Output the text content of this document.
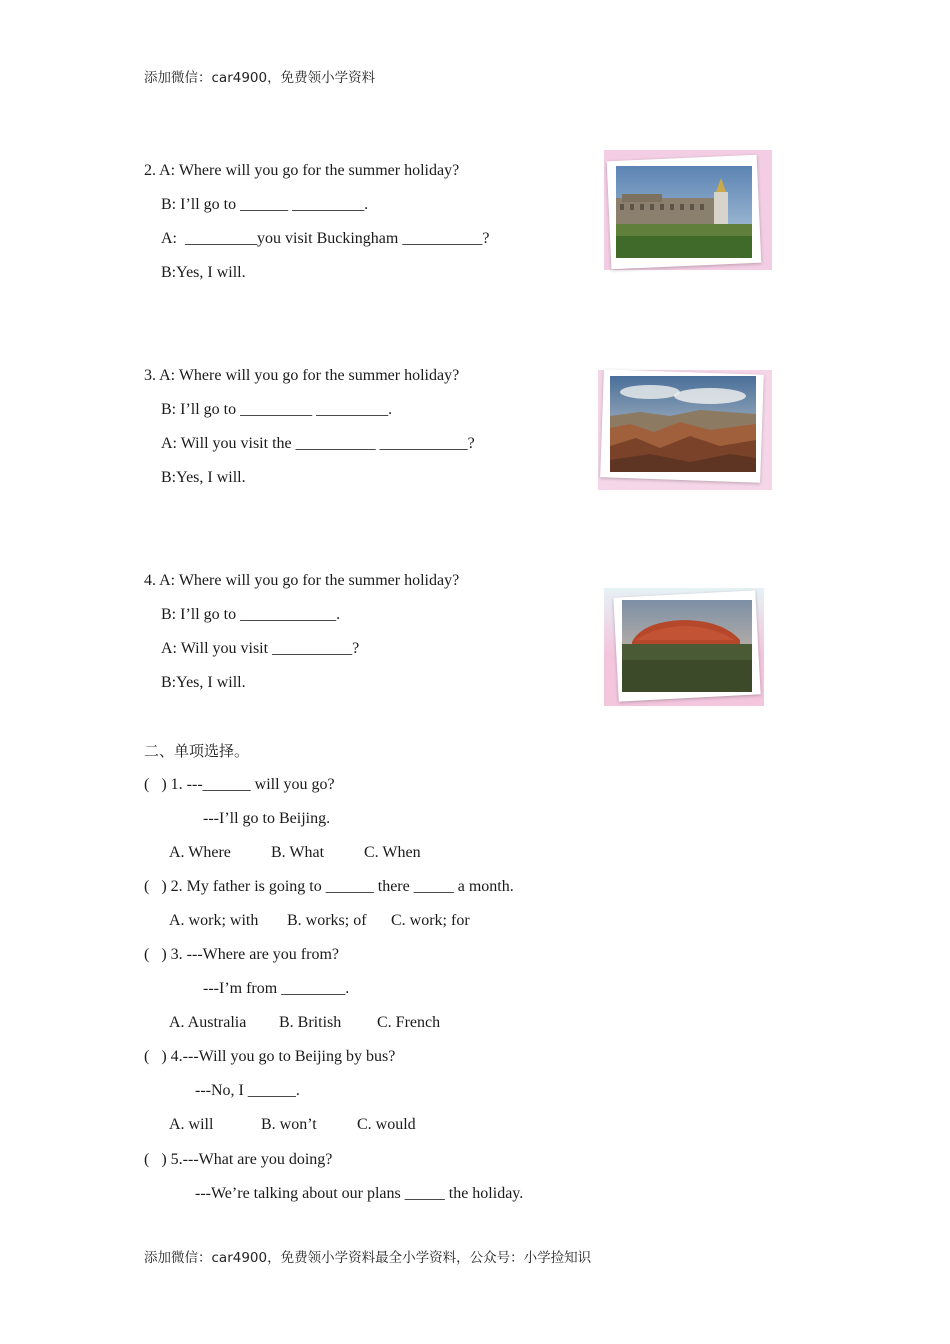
添加微信：car4900，免费领小学资料
2. A: Where will you go for the summer holiday?
B: I’ll go to ______ _________.
A:  _________you visit Buckingham __________?
B:Yes, I will.
3. A: Where will you go for the summer holiday?
B: I’ll go to _________ _________.
A: Will you visit the __________ ___________?
B:Yes, I will.
4. A: Where will you go for the summer holiday?
B: I’ll go to ____________.
A: Will you visit __________?
B:Yes, I will.
二、单项选择。
(   ) 1. ---______ will you go?
---I’ll go to Beijing.
A. Where	B. What C. When
(   ) 2. My father is going to ______ there _____ a month.
A. work; with B. works; of C. work; for
(   ) 3. ---Where are you from?
---I’m from ________.
A. Australia B. British C. French
(   ) 4.---Will you go to Beijing by bus?
---No, I ______.
A. will	B. won’t	C. would
(   ) 5.---What are you doing?
---We’re talking about our plans _____ the holiday.
添加微信：car4900，免费领小学资料最全小学资料，公众号：小学捡知识
